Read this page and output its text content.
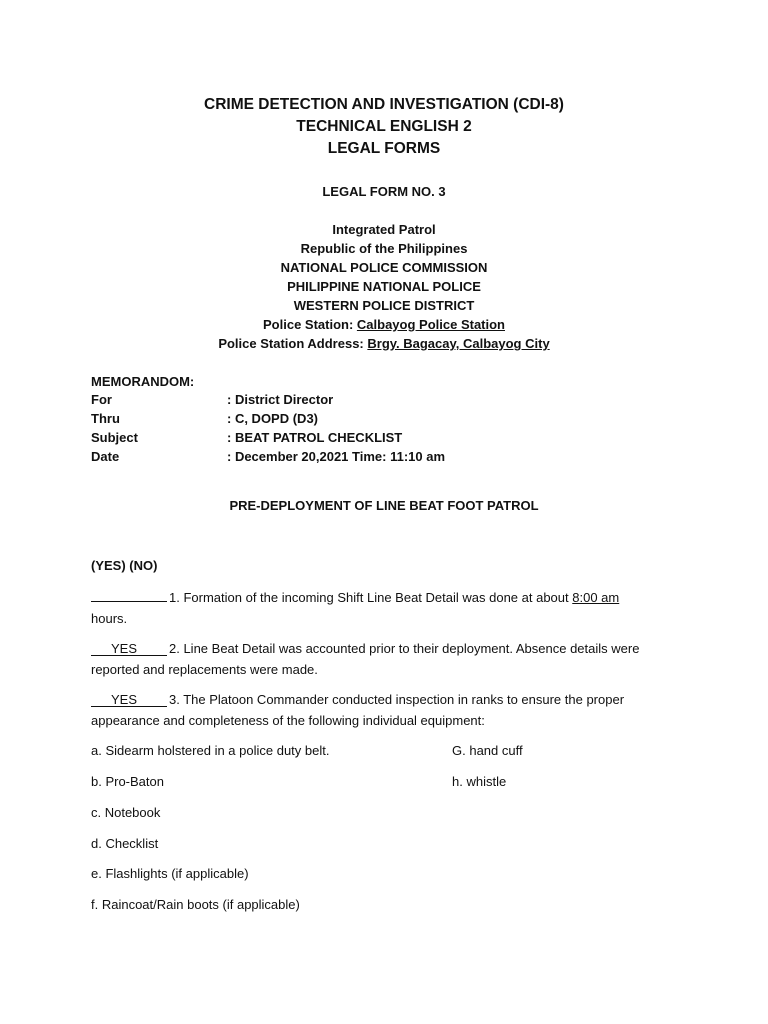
CRIME DETECTION AND INVESTIGATION (CDI-8)
TECHNICAL ENGLISH 2
LEGAL FORMS
LEGAL FORM NO. 3
Integrated Patrol
Republic of the Philippines
NATIONAL POLICE COMMISSION
PHILIPPINE NATIONAL POLICE
WESTERN POLICE DISTRICT
Police Station: Calbayog Police Station
Police Station Address: Brgy. Bagacay, Calbayog City
MEMORANDOM:
For	: District Director
Thru	: C, DOPD (D3)
Subject	: BEAT PATROL CHECKLIST
Date	: December 20,2021 Time: 11:10 am
PRE-DEPLOYMENT OF LINE BEAT FOOT PATROL
(YES) (NO)
1. Formation of the incoming Shift Line Beat Detail was done at about 8:00 am
hours.
YES 2. Line Beat Detail was accounted prior to their deployment. Absence details were reported and replacements were made.
YES 3. The Platoon Commander conducted inspection in ranks to ensure the proper appearance and completeness of the following individual equipment:
a. Sidearm holstered in a police duty belt.	G. hand cuff
b. Pro-Baton	h. whistle
c. Notebook
d. Checklist
e. Flashlights (if applicable)
f. Raincoat/Rain boots (if applicable)
